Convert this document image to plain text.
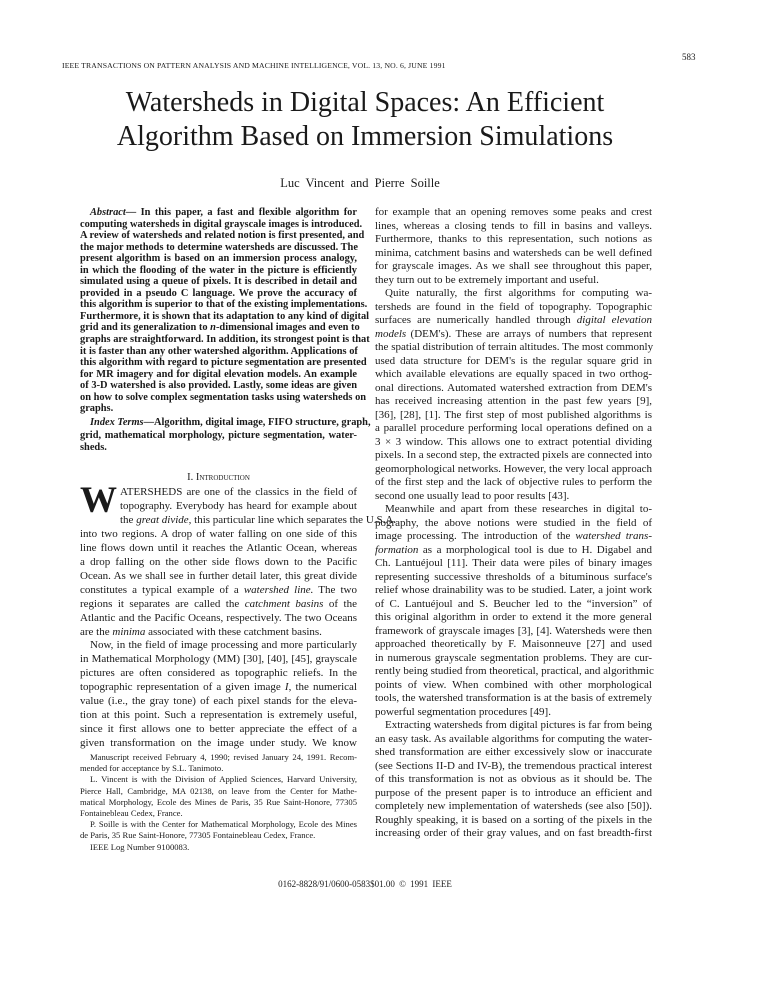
IEEE TRANSACTIONS ON PATTERN ANALYSIS AND MACHINE INTELLIGENCE, VOL. 13, NO. 6, JUNE 1991
583
Watersheds in Digital Spaces: An Efficient
Algorithm Based on Immersion Simulations
Luc Vincent and Pierre Soille
Abstract— In this paper, a fast and flexible algorithm for
computing watersheds in digital grayscale images is introduced.
A review of watersheds and related notion is first presented, and
the major methods to determine watersheds are discussed. The
present algorithm is based on an immersion process analogy,
in which the flooding of the water in the picture is efficiently
simulated using a queue of pixels. It is described in detail and
provided in a pseudo C language. We prove the accuracy of
this algorithm is superior to that of the existing implementations.
Furthermore, it is shown that its adaptation to any kind of digital
grid and its generalization to n-dimensional images and even to
graphs are straightforward. In addition, its strongest point is that
it is faster than any other watershed algorithm. Applications of
this algorithm with regard to picture segmentation are presented
for MR imagery and for digital elevation models. An example
of 3-D watershed is also provided. Lastly, some ideas are given
on how to solve complex segmentation tasks using watersheds on
graphs.
Index Terms—Algorithm, digital image, FIFO structure, graph,
grid, mathematical morphology, picture segmentation, water-
sheds.
I. Introduction
W ATERSHEDS are one of the classics in the field of
topography. Everybody has heard for example about
the great divide, this particular line which separates the U.S.A.
into two regions. A drop of water falling on one side of this
line flows down until it reaches the Atlantic Ocean, whereas
a drop falling on the other side flows down to the Pacific
Ocean. As we shall see in further detail later, this great divide
constitutes a typical example of a watershed line. The two
regions it separates are called the catchment basins of the
Atlantic and the Pacific Oceans, respectively. The two Oceans
are the minima associated with these catchment basins.
Now, in the field of image processing and more particularly
in Mathematical Morphology (MM) [30], [40], [45], grayscale
pictures are often considered as topographic reliefs. In the
topographic representation of a given image I, the numerical
value (i.e., the gray tone) of each pixel stands for the eleva-
tion at this point. Such a representation is extremely useful,
since it first allows one to better appreciate the effect of a
given transformation on the image under study. We know
Manuscript received February 4, 1990; revised January 24, 1991. Recom-
mended for acceptance by S.L. Tanimoto.
L. Vincent is with the Division of Applied Sciences, Harvard University,
Pierce Hall, Cambridge, MA 02138, on leave from the Center for Mathe-
matical Morphology, Ecole des Mines de Paris, 35 Rue Saint-Honore, 77305
Fontainebleau Cedex, France.
P. Soille is with the Center for Mathematical Morphology, Ecole des Mines
de Paris, 35 Rue Saint-Honore, 77305 Fontainebleau Cedex, France.
IEEE Log Number 9100083.
for example that an opening removes some peaks and crest
lines, whereas a closing tends to fill in basins and valleys.
Furthermore, thanks to this representation, such notions as
minima, catchment basins and watersheds can be well defined
for grayscale images. As we shall see throughout this paper,
they turn out to be extremely important and useful.
Quite naturally, the first algorithms for computing wa-
tersheds are found in the field of topography. Topographic
surfaces are numerically handled through digital elevation
models (DEM's). These are arrays of numbers that represent
the spatial distribution of terrain altitudes. The most commonly
used data structure for DEM's is the regular square grid in
which available elevations are equally spaced in two orthog-
onal directions. Automated watershed extraction from DEM's
has received increasing attention in the past few years [9],
[36], [28], [1]. The first step of most published algorithms is
a parallel procedure performing local operations defined on a
3 × 3 window. This allows one to extract potential dividing
pixels. In a second step, the extracted pixels are connected into
geomorphological networks. However, the very local approach
of the first step and the lack of objective rules to perform the
second one usually lead to poor results [43].
Meanwhile and apart from these researches in digital to-
pography, the above notions were studied in the field of
image processing. The introduction of the watershed trans-
formation as a morphological tool is due to H. Digabel and
Ch. Lantuéjoul [11]. Their data were piles of binary images
representing successive thresholds of a bituminous surface's
relief whose drainability was to be studied. Later, a joint work
of C. Lantuéjoul and S. Beucher led to the “inversion” of
this original algorithm in order to extend it the more general
framework of grayscale images [3], [4]. Watersheds were then
approached theoretically by F. Maisonneuve [27] and used
in numerous grayscale segmentation problems. They are cur-
rently being studied from theoretical, practical, and algorithmic
points of view. When combined with other morphological
tools, the watershed transformation is at the basis of extremely
powerful segmentation procedures [49].
Extracting watersheds from digital pictures is far from being
an easy task. As available algorithms for computing the water-
shed transformation are either excessively slow or inaccurate
(see Sections II-D and IV-B), the tremendous practical interest
of this transformation is not as obvious as it should be. The
purpose of the present paper is to introduce an efficient and
completely new implementation of watersheds (see also [50]).
Roughly speaking, it is based on a sorting of the pixels in the
increasing order of their gray values, and on fast breadth-first
0162-8828/91/0600-0583$01.00 © 1991 IEEE
